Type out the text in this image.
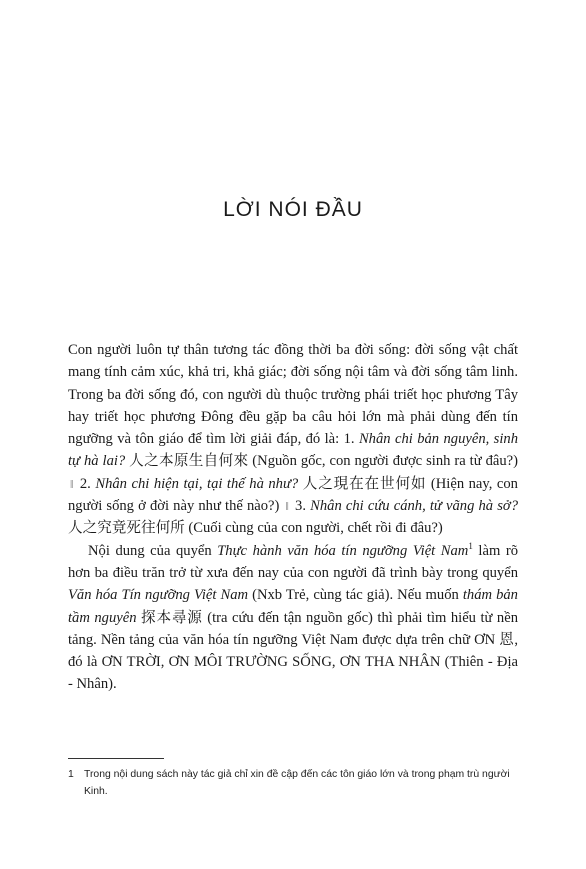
LỜI NÓI ĐẦU

Con người luôn tự thân tương tác đồng thời ba đời sống: đời sống vật chất mang tính cảm xúc, khả tri, khả giác; đời sống nội tâm và đời sống tâm linh. Trong ba đời sống đó, con người dù thuộc trường phái triết học phương Tây hay triết học phương Đông đều gặp ba câu hỏi lớn mà phải dùng đến tín ngưỡng và tôn giáo để tìm lời giải đáp, đó là: 1. Nhân chi bản nguyên, sinh tự hà lai? 人之本原生自何來 (Nguồn gốc, con người được sinh ra từ đâu?) ‖ 2. Nhân chi hiện tại, tại thế hà như? 人之現在在世何如 (Hiện nay, con người sống ở đời này như thế nào?) ‖ 3. Nhân chi cứu cánh, tử vãng hà sở? 人之究竟死往何所 (Cuối cùng của con người, chết rồi đi đâu?)

Nội dung của quyển Thực hành văn hóa tín ngưỡng Việt Nam$^1$ làm rõ hơn ba điều trăn trở từ xưa đến nay của con người đã trình bày trong quyển Văn hóa Tín ngưỡng Việt Nam (Nxb Trẻ, cùng tác giả). Nếu muốn thám bản tầm nguyên 探本尋源 (tra cứu đến tận nguồn gốc) thì phải tìm hiểu từ nền tảng. Nền tảng của văn hóa tín ngưỡng Việt Nam được dựa trên chữ ƠN 恩, đó là ƠN TRỜI, ƠN MÔI TRƯỜNG SỐNG, ƠN THA NHÂN (Thiên - Địa - Nhân).

1 Trong nội dung sách này tác giả chỉ xin đề cập đến các tôn giáo lớn và trong phạm trù người Kinh.
